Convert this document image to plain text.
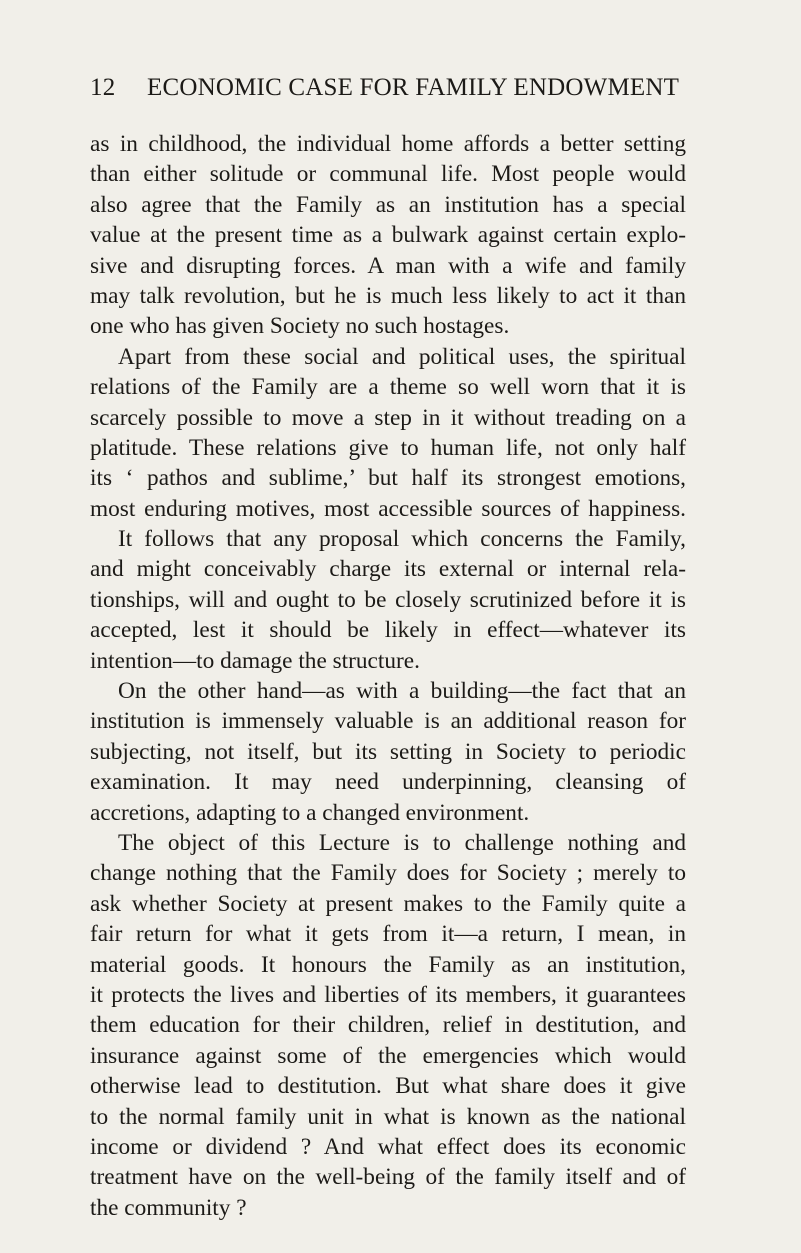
12 ECONOMIC CASE FOR FAMILY ENDOWMENT
as in childhood, the individual home affords a better setting
than either solitude or communal life. Most people would
also agree that the Family as an institution has a special
value at the present time as a bulwark against certain explo-
sive and disrupting forces. A man with a wife and family
may talk revolution, but he is much less likely to act it than
one who has given Society no such hostages.
Apart from these social and political uses, the spiritual
relations of the Family are a theme so well worn that it is
scarcely possible to move a step in it without treading on a
platitude. These relations give to human life, not only half
its ‘ pathos and sublime,’ but half its strongest emotions,
most enduring motives, most accessible sources of happiness.
It follows that any proposal which concerns the Family,
and might conceivably charge its external or internal rela-
tionships, will and ought to be closely scrutinized before it is
accepted, lest it should be likely in effect—whatever its
intention—to damage the structure.
On the other hand—as with a building—the fact that an
institution is immensely valuable is an additional reason for
subjecting, not itself, but its setting in Society to periodic
examination. It may need underpinning, cleansing of
accretions, adapting to a changed environment.
The object of this Lecture is to challenge nothing and
change nothing that the Family does for Society ; merely to
ask whether Society at present makes to the Family quite a
fair return for what it gets from it—a return, I mean, in
material goods. It honours the Family as an institution,
it protects the lives and liberties of its members, it guarantees
them education for their children, relief in destitution, and
insurance against some of the emergencies which would
otherwise lead to destitution. But what share does it give
to the normal family unit in what is known as the national
income or dividend ? And what effect does its economic
treatment have on the well-being of the family itself and of
the community ?
